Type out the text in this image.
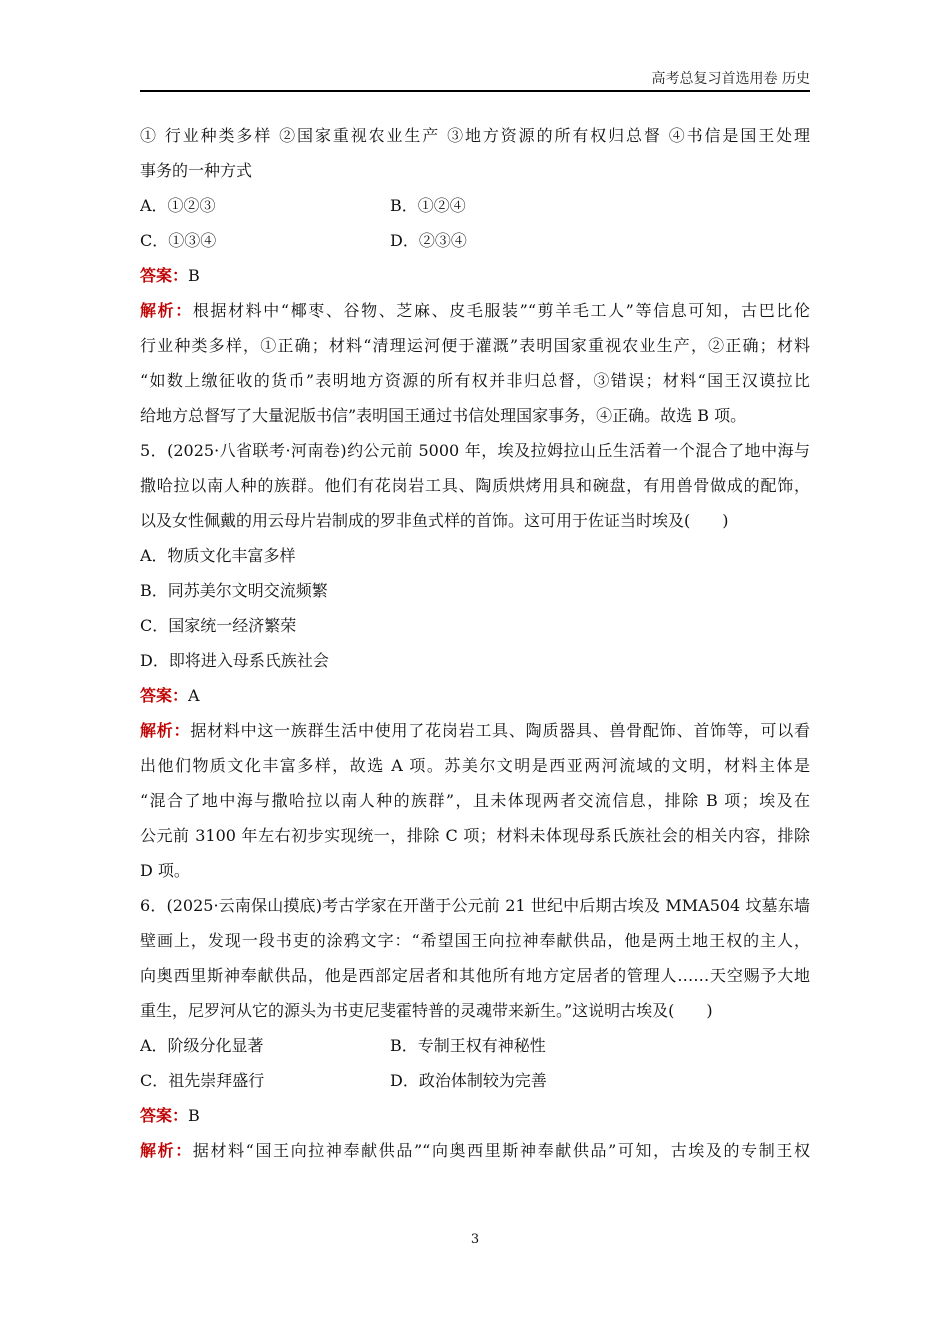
高考总复习首选用卷 历史
① 行业种类多样 ②国家重视农业生产 ③地方资源的所有权归总督 ④书信是国王处理
事务的一种方式
A．①②③	B．①②④
C．①③④	D．②③④
答案：B
解析：根据材料中“椰枣、谷物、芝麻、皮毛服装”“剪羊毛工人”等信息可知，古巴比伦
行业种类多样，①正确；材料“清理运河便于灌溉”表明国家重视农业生产，②正确；材料
“如数上缴征收的货币”表明地方资源的所有权并非归总督，③错误；材料“国王汉谟拉比
给地方总督写了大量泥版书信”表明国王通过书信处理国家事务，④正确。故选 B 项。
5．(2025·八省联考·河南卷)约公元前 5000 年，埃及拉姆拉山丘生活着一个混合了地中海与
撒哈拉以南人种的族群。他们有花岗岩工具、陶质烘烤用具和碗盘，有用兽骨做成的配饰，
以及女性佩戴的用云母片岩制成的罗非鱼式样的首饰。这可用于佐证当时埃及(　　)
A．物质文化丰富多样
B．同苏美尔文明交流频繁
C．国家统一经济繁荣
D．即将进入母系氏族社会
答案：A
解析：据材料中这一族群生活中使用了花岗岩工具、陶质器具、兽骨配饰、首饰等，可以看
出他们物质文化丰富多样，故选 A 项。苏美尔文明是西亚两河流域的文明，材料主体是
“混合了地中海与撒哈拉以南人种的族群”，且未体现两者交流信息，排除 B 项；埃及在
公元前 3100 年左右初步实现统一，排除 C 项；材料未体现母系氏族社会的相关内容，排除
D 项。
6．(2025·云南保山摸底)考古学家在开凿于公元前 21 世纪中后期古埃及 MMA504 坟墓东墙
壁画上，发现一段书吏的涂鸦文字：“希望国王向拉神奉献供品，他是两土地王权的主人，
向奥西里斯神奉献供品，他是西部定居者和其他所有地方定居者的管理人……天空赐予大地
重生，尼罗河从它的源头为书吏尼斐霍特普的灵魂带来新生。”这说明古埃及(　　)
A．阶级分化显著	B．专制王权有神秘性
C．祖先崇拜盛行	D．政治体制较为完善
答案：B
解析：据材料“国王向拉神奉献供品”“向奥西里斯神奉献供品”可知，古埃及的专制王权
3
